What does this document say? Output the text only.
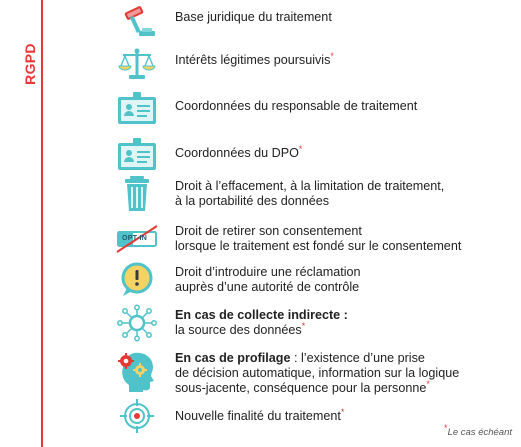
RGPD
Base juridique du traitement
Intérêts légitimes poursuivis*
Coordonnées du responsable de traitement
Coordonnées du DPO*
Droit à l’effacement, à la limitation de traitement,
à la portabilité des données
OPT-IN
Droit de retirer son consentement
lorsque le traitement est fondé sur le consentement
Droit d’introduire une réclamation
auprès d’une autorité de contrôle
En cas de collecte indirecte :
la source des données*
En cas de profilage : l’existence d’une prise
de décision automatique, information sur la logique
sous-jacente, conséquence pour la personne*
Nouvelle finalité du traitement*
*Le cas échéant
